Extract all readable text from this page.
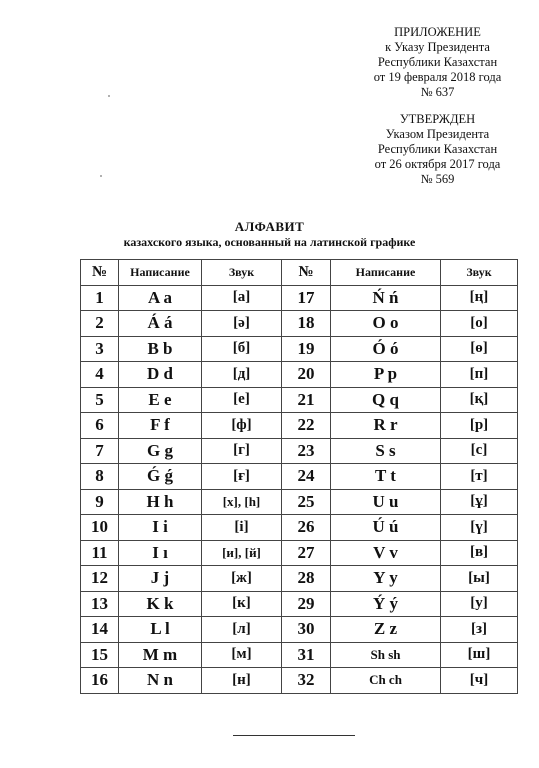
ПРИЛОЖЕНИЕ
к Указу Президента
Республики Казахстан
от 19 февраля 2018 года
№ 637
УТВЕРЖДЕН
Указом Президента
Республики Казахстан
от 26 октября 2017 года
№ 569
АЛФАВИТ
казахского языка, основанный на латинской графике
№	Написание	Звук	№	Написание	Звук
1	A a	[а]	17	Ń ń	[ң]
2	Á á	[ә]	18	O o	[о]
3	B b	[б]	19	Ó ó	[ө]
4	D d	[д]	20	P p	[п]
5	E e	[е]	21	Q q	[қ]
6	F f	[ф]	22	R r	[р]
7	G g	[г]	23	S s	[с]
8	Ǵ ǵ	[ғ]	24	T t	[т]
9	H h	[х], [һ]	25	U u	[ұ]
10	I i	[і]	26	Ú ú	[ү]
11	I ı	[и], [й]	27	V v	[в]
12	J j	[ж]	28	Y y	[ы]
13	K k	[к]	29	Ý ý	[у]
14	L l	[л]	30	Z z	[з]
15	M m	[м]	31	Sh sh	[ш]
16	N n	[н]	32	Ch ch	[ч]
